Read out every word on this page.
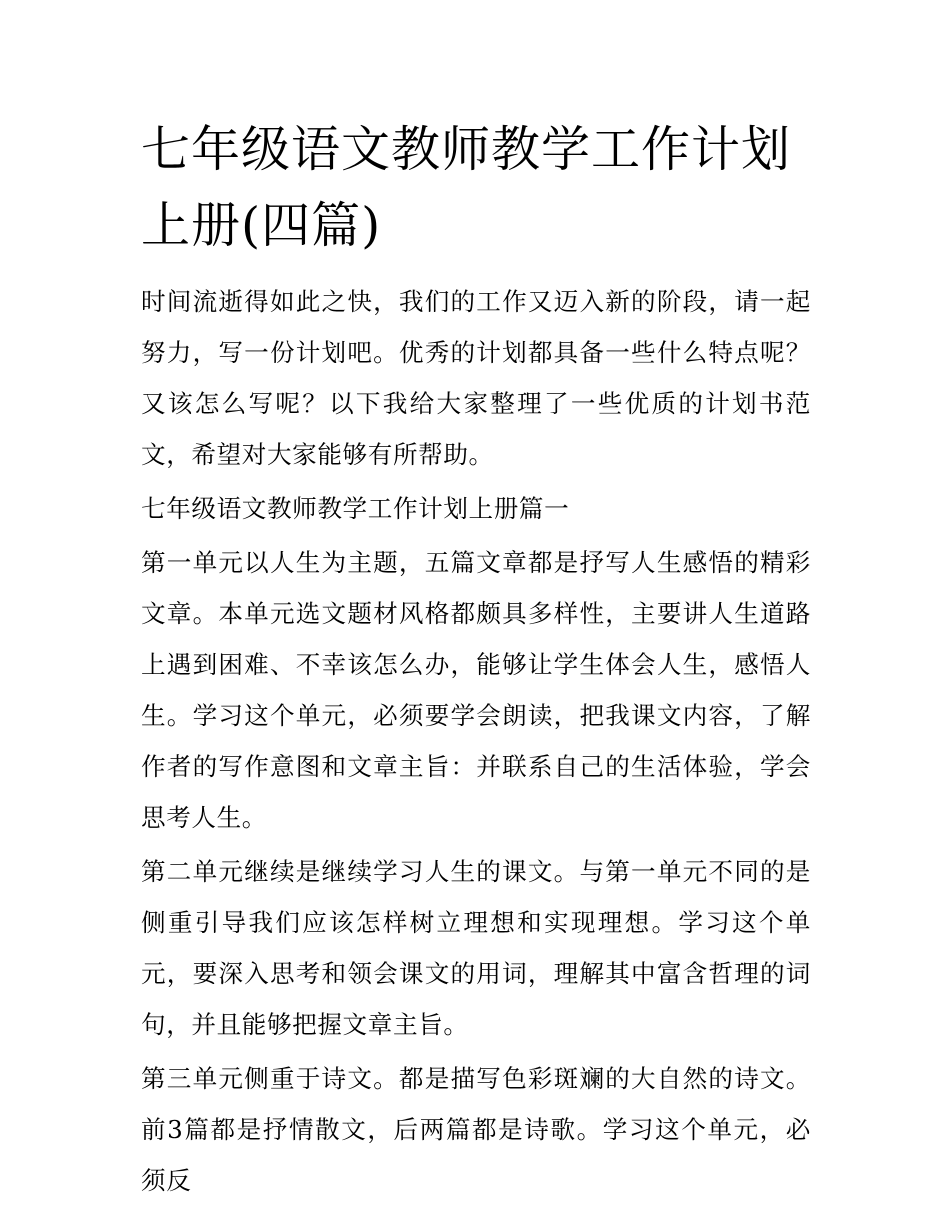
七年级语文教师教学工作计划上册(四篇)

时间流逝得如此之快，我们的工作又迈入新的阶段，请一起努力，写一份计划吧。优秀的计划都具备一些什么特点呢？又该怎么写呢？以下我给大家整理了一些优质的计划书范文，希望对大家能够有所帮助。

七年级语文教师教学工作计划上册篇一

第一单元以人生为主题，五篇文章都是抒写人生感悟的精彩文章。本单元选文题材风格都颇具多样性，主要讲人生道路上遇到困难、不幸该怎么办，能够让学生体会人生，感悟人生。学习这个单元，必须要学会朗读，把我课文内容，了解作者的写作意图和文章主旨：并联系自己的生活体验，学会思考人生。

第二单元继续是继续学习人生的课文。与第一单元不同的是侧重引导我们应该怎样树立理想和实现理想。学习这个单元，要深入思考和领会课文的用词，理解其中富含哲理的词句，并且能够把握文章主旨。

第三单元侧重于诗文。都是描写色彩斑斓的大自然的诗文。前3篇都是抒情散文，后两篇都是诗歌。学习这个单元，必须反
